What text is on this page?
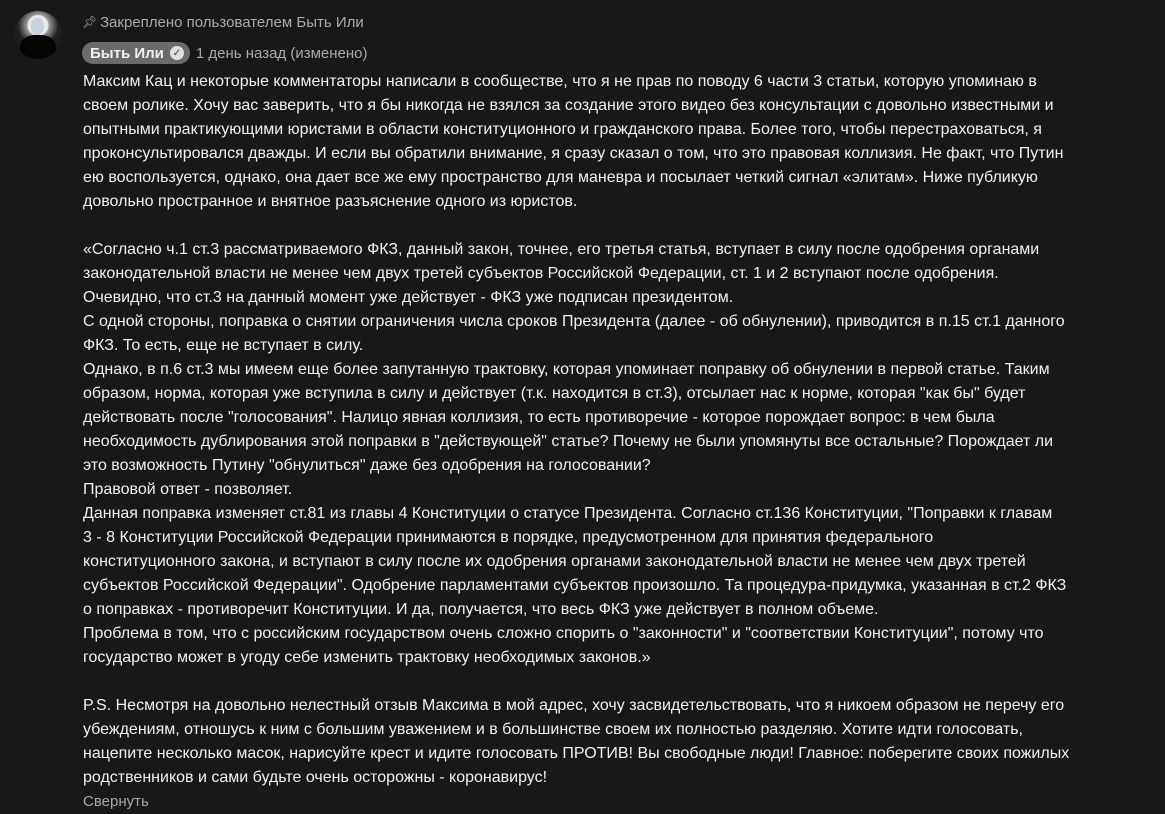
📌︎ Закреплено пользователем Быть Или
Быть Или ✓ 1 день назад (изменено)
Максим Кац и некоторые комментаторы написали в сообществе, что я не прав по поводу 6 части 3 статьи, которую упоминаю в
своем ролике. Хочу вас заверить, что я бы никогда не взялся за создание этого видео без консультации с довольно известными и
опытными практикующими юристами в области конституционного и гражданского права. Более того, чтобы перестраховаться, я
проконсультировался дважды. И если вы обратили внимание, я сразу сказал о том, что это правовая коллизия. Не факт, что Путин
ею воспользуется, однако, она дает все же ему пространство для маневра и посылает четкий сигнал «элитам». Ниже публикую
довольно пространное и внятное разъяснение одного из юристов.
«Согласно ч.1 ст.3 рассматриваемого ФКЗ, данный закон, точнее, его третья статья, вступает в силу после одобрения органами
законодательной власти не менее чем двух третей субъектов Российской Федерации, ст. 1 и 2 вступают после одобрения.
Очевидно, что ст.3 на данный момент уже действует - ФКЗ уже подписан президентом.
С одной стороны, поправка о снятии ограничения числа сроков Президента (далее - об обнулении), приводится в п.15 ст.1 данного
ФКЗ. То есть, еще не вступает в силу.
Однако, в п.6 ст.3 мы имеем еще более запутанную трактовку, которая упоминает поправку об обнулении в первой статье. Таким
образом, норма, которая уже вступила в силу и действует (т.к. находится в ст.3), отсылает нас к норме, которая "как бы" будет
действовать после "голосования". Налицо явная коллизия, то есть противоречие - которое порождает вопрос: в чем была
необходимость дублирования этой поправки в "действующей" статье? Почему не были упомянуты все остальные? Порождает ли
это возможность Путину "обнулиться" даже без одобрения на голосовании?
Правовой ответ - позволяет.
Данная поправка изменяет ст.81 из главы 4 Конституции о статусе Президента. Согласно ст.136 Конституции, "Поправки к главам
3 - 8 Конституции Российской Федерации принимаются в порядке, предусмотренном для принятия федерального
конституционного закона, и вступают в силу после их одобрения органами законодательной власти не менее чем двух третей
субъектов Российской Федерации". Одобрение парламентами субъектов произошло. Та процедура-придумка, указанная в ст.2 ФКЗ
о поправках - противоречит Конституции. И да, получается, что весь ФКЗ уже действует в полном объеме.
Проблема в том, что с российским государством очень сложно спорить о "законности" и "соответствии Конституции", потому что
государство может в угоду себе изменить трактовку необходимых законов.»
P.S. Несмотря на довольно нелестный отзыв Максима в мой адрес, хочу засвидетельствовать, что я никоем образом не перечу его
убеждениям, отношусь к ним с большим уважением и в большинстве своем их полностью разделяю. Хотите идти голосовать,
нацепите несколько масок, нарисуйте крест и идите голосовать ПРОТИВ! Вы свободные люди! Главное: поберегите своих пожилых
родственников и сами будьте очень осторожны - коронавирус!
Свернуть
